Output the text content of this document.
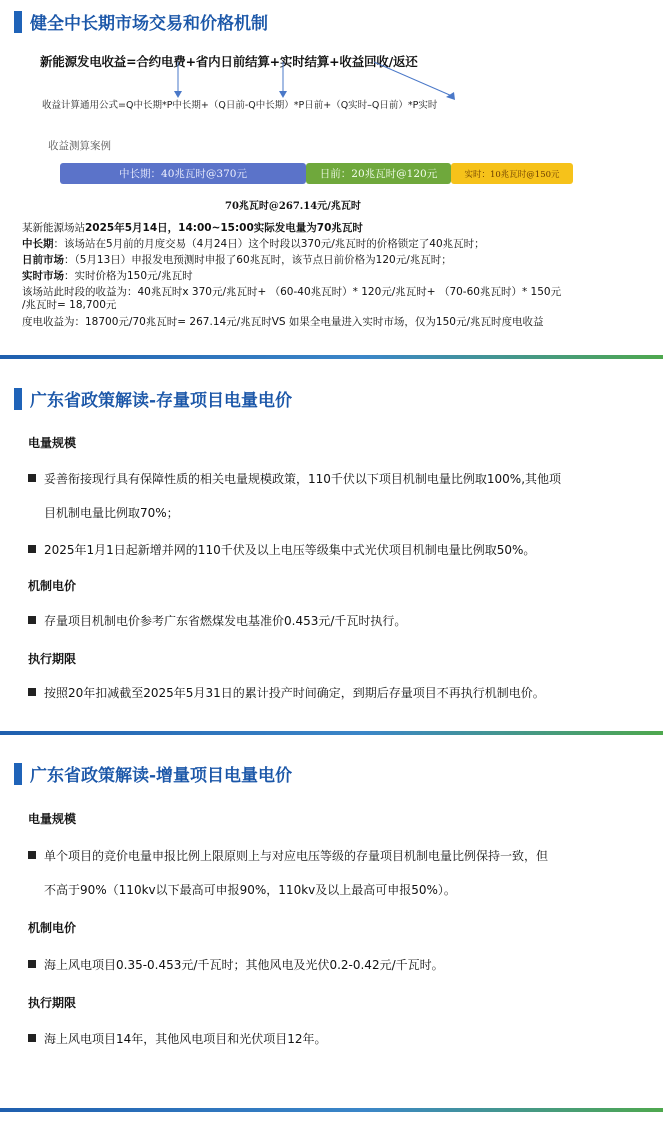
健全中长期市场交易和价格机制
新能源发电收益=合约电费+省内日前结算+实时结算+收益回收/返还
收益计算通用公式=Q中长期*P中长期+（Q日前-Q中长期）*P日前+（Q实时–Q日前）*P实时
收益测算案例
中长期：40兆瓦时@370元	日前：20兆瓦时@120元	实时：10兆瓦时@150元
70兆瓦时@267.14元/兆瓦时
某新能源场站2025年5月14日，14:00~15:00实际发电量为70兆瓦时
中长期：该场站在5月前的月度交易（4月24日）这个时段以370元/兆瓦时的价格锁定了40兆瓦时；
日前市场：（5月13日）申报发电预测时申报了60兆瓦时，该节点日前价格为120元/兆瓦时；
实时市场：实时价格为150元/兆瓦时
该场站此时段的收益为：40兆瓦时x 370元/兆瓦时+ （60-40兆瓦时）* 120元/兆瓦时+ （70-60兆瓦时）* 150元
/兆瓦时= 18,700元
度电收益为：18700元/70兆瓦时= 267.14元/兆瓦时VS 如果全电量进入实时市场，仅为150元/兆瓦时度电收益
广东省政策解读-存量项目电量电价
电量规模
妥善衔接现行具有保障性质的相关电量规模政策，110千伏以下项目机制电量比例取100%,其他项
目机制电量比例取70%；
2025年1月1日起新增并网的110千伏及以上电压等级集中式光伏项目机制电量比例取50%。
机制电价
存量项目机制电价参考广东省燃煤发电基准价0.453元/千瓦时执行。
执行期限
按照20年扣减截至2025年5月31日的累计投产时间确定，到期后存量项目不再执行机制电价。
广东省政策解读-增量项目电量电价
电量规模
单个项目的竞价电量申报比例上限原则上与对应电压等级的存量项目机制电量比例保持一致，但
不高于90%（110kv以下最高可申报90%，110kv及以上最高可申报50%）。
机制电价
海上风电项目0.35-0.453元/千瓦时；其他风电及光伏0.2-0.42元/千瓦时。
执行期限
海上风电项目14年，其他风电项目和光伏项目12年。
